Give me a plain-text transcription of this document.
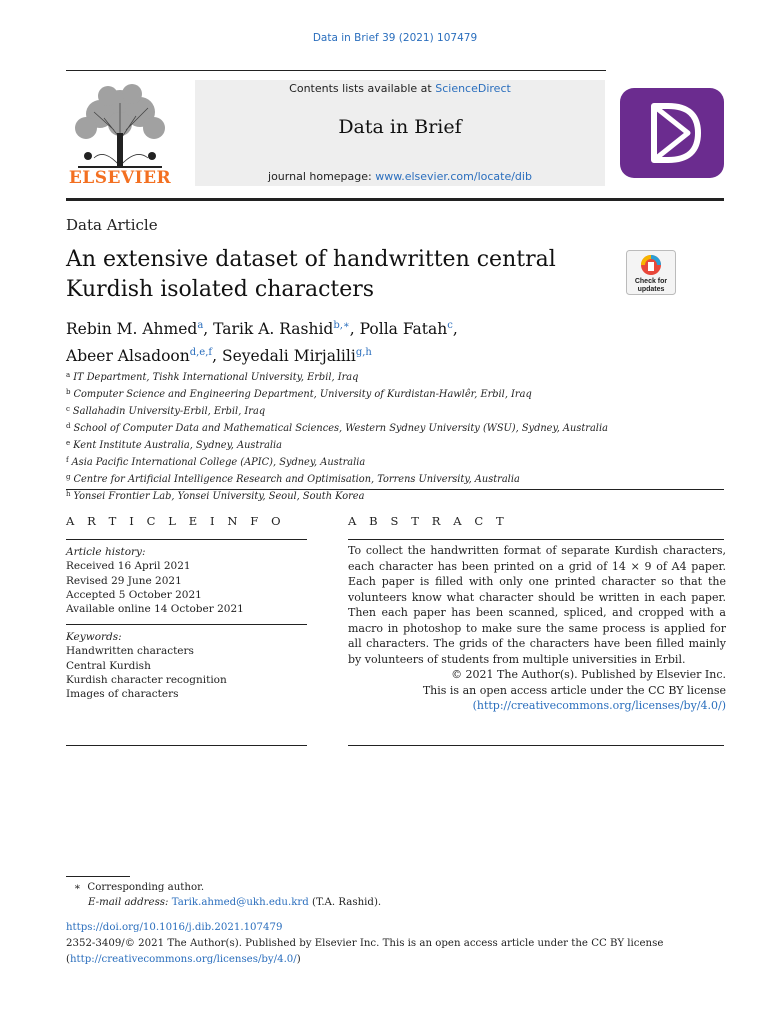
Data in Brief 39 (2021) 107479
ELSEVIER
Contents lists available at ScienceDirect
Data in Brief
journal homepage: www.elsevier.com/locate/dib
Data Article
An extensive dataset of handwritten central Kurdish isolated characters	Check for
updates
Rebin M. Ahmed$^a$, Tarik A. Rashid$^{b,∗}$, Polla Fatah$^c$,
Abeer Alsadoon$^{d,e,f}$, Seyedali Mirjalili$^{g,h}$
$^a$ IT Department, Tishk International University, Erbil, Iraq
$^b$ Computer Science and Engineering Department, University of Kurdistan-Hawlêr, Erbil, Iraq
$^c$ Sallahadin University-Erbil, Erbil, Iraq
$^d$ School of Computer Data and Mathematical Sciences, Western Sydney University (WSU), Sydney, Australia
$^e$ Kent Institute Australia, Sydney, Australia
$^f$ Asia Pacific International College (APIC), Sydney, Australia
$^g$ Centre for Artificial Intelligence Research and Optimisation, Torrens University, Australia
$^h$ Yonsei Frontier Lab, Yonsei University, Seoul, South Korea
A R T I C L E I N F O
Article history:
Received 16 April 2021
Revised 29 June 2021
Accepted 5 October 2021
Available online 14 October 2021
Keywords:
Handwritten characters
Central Kurdish
Kurdish character recognition
Images of characters
A B S T R A C T

To collect the handwritten format of separate Kurdish characters, each character has been printed on a grid of 14 × 9 of A4 paper. Each paper is filled with only one printed character so that the volunteers know what character should be written in each paper. Then each paper has been scanned, spliced, and cropped with a macro in photoshop to make sure the same process is applied for all characters. The grids of the characters have been filled mainly by volunteers of students from multiple universities in Erbil.

© 2021 The Author(s). Published by Elsevier Inc.

This is an open access article under the CC BY license

(http://creativecommons.org/licenses/by/4.0/)

∗ Corresponding author.
E-mail address: Tarik.ahmed@ukh.edu.krd (T.A. Rashid).
https://doi.org/10.1016/j.dib.2021.107479
2352-3409/© 2021 The Author(s). Published by Elsevier Inc. This is an open access article under the CC BY license
(http://creativecommons.org/licenses/by/4.0/)
